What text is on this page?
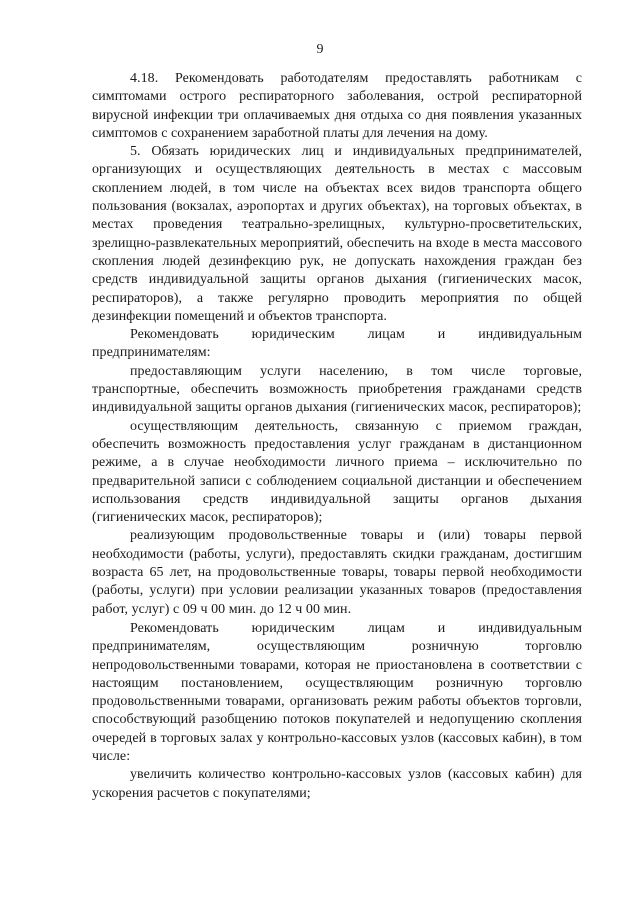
9

4.18. Рекомендовать работодателям предоставлять работникам с симптомами острого респираторного заболевания, острой респираторной вирусной инфекции три оплачиваемых дня отдыха со дня появления указанных симптомов с сохранением заработной платы для лечения на дому.

5. Обязать юридических лиц и индивидуальных предпринимателей, организующих и осуществляющих деятельность в местах с массовым скоплением людей, в том числе на объектах всех видов транспорта общего пользования (вокзалах, аэропортах и других объектах), на торговых объектах, в местах проведения театрально-зрелищных, культурно-просветительских, зрелищно-развлекательных мероприятий, обеспечить на входе в места массового скопления людей дезинфекцию рук, не допускать нахождения граждан без средств индивидуальной защиты органов дыхания (гигиенических масок, респираторов), а также регулярно проводить мероприятия по общей дезинфекции помещений и объектов транспорта.

Рекомендовать юридическим лицам и индивидуальным предпринимателям:

предоставляющим услуги населению, в том числе торговые, транспортные, обеспечить возможность приобретения гражданами средств индивидуальной защиты органов дыхания (гигиенических масок, респираторов);

осуществляющим деятельность, связанную с приемом граждан, обеспечить возможность предоставления услуг гражданам в дистанционном режиме, а в случае необходимости личного приема – исключительно по предварительной записи с соблюдением социальной дистанции и обеспечением использования средств индивидуальной защиты органов дыхания (гигиенических масок, респираторов);

реализующим продовольственные товары и (или) товары первой необходимости (работы, услуги), предоставлять скидки гражданам, достигшим возраста 65 лет, на продовольственные товары, товары первой необходимости (работы, услуги) при условии реализации указанных товаров (предоставления работ, услуг) с 09 ч 00 мин. до 12 ч 00 мин.

Рекомендовать юридическим лицам и индивидуальным предпринимателям, осуществляющим розничную торговлю непродовольственными товарами, которая не приостановлена в соответствии с настоящим постановлением, осуществляющим розничную торговлю продовольственными товарами, организовать режим работы объектов торговли, способствующий разобщению потоков покупателей и недопущению скопления очередей в торговых залах у контрольно-кассовых узлов (кассовых кабин), в том числе:

увеличить количество контрольно-кассовых узлов (кассовых кабин) для ускорения расчетов с покупателями;
